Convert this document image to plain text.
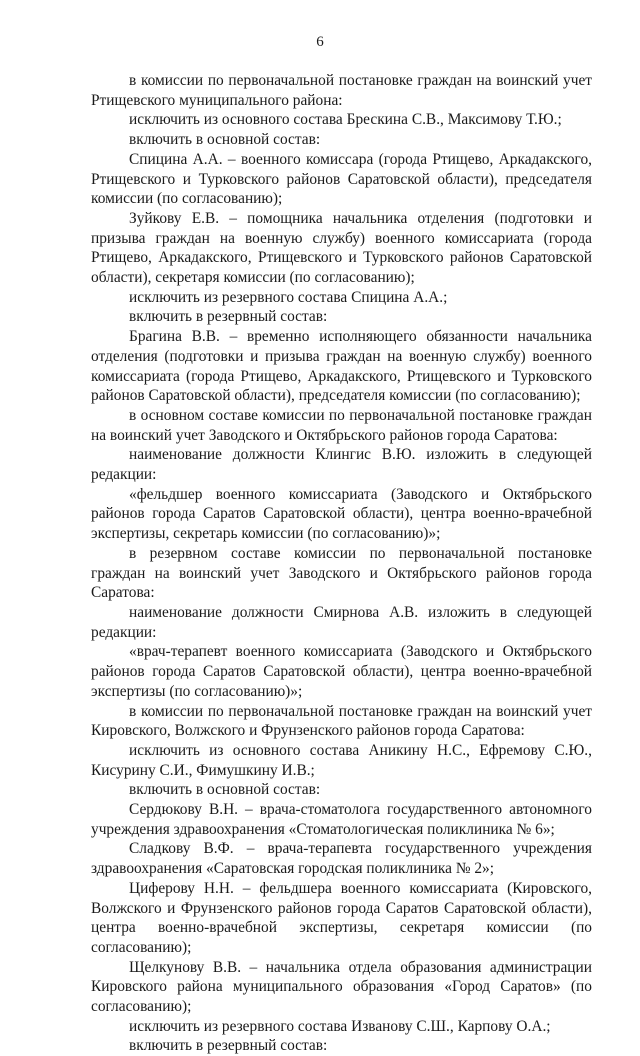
6

в комиссии по первоначальной постановке граждан на воинский учет Ртищевского муниципального района:

исключить из основного состава Брескина С.В., Максимову Т.Ю.;

включить в основной состав:

Спицина А.А. – военного комиссара (города Ртищево, Аркадакского, Ртищевского и Турковского районов Саратовской области), председателя комиссии (по согласованию);

Зуйкову Е.В. – помощника начальника отделения (подготовки и призыва граждан на военную службу) военного комиссариата (города Ртищево, Аркадакского, Ртищевского и Турковского районов Саратовской области), секретаря комиссии (по согласованию);

исключить из резервного состава Спицина А.А.;

включить в резервный состав:

Брагина В.В. – временно исполняющего обязанности начальника отделения (подготовки и призыва граждан на военную службу) военного комиссариата (города Ртищево, Аркадакского, Ртищевского и Турковского районов Саратовской области), председателя комиссии (по согласованию);

в основном составе комиссии по первоначальной постановке граждан на воинский учет Заводского и Октябрьского районов города Саратова:

наименование должности Клингис В.Ю. изложить в следующей редакции:

«фельдшер военного комиссариата (Заводского и Октябрьского районов города Саратов Саратовской области), центра военно-врачебной экспертизы, секретарь комиссии (по согласованию)»;

в резервном составе комиссии по первоначальной постановке граждан на воинский учет Заводского и Октябрьского районов города Саратова:

наименование должности Смирнова А.В. изложить в следующей редакции:

«врач-терапевт военного комиссариата (Заводского и Октябрьского районов города Саратов Саратовской области), центра военно-врачебной экспертизы (по согласованию)»;

в комиссии по первоначальной постановке граждан на воинский учет Кировского, Волжского и Фрунзенского районов города Саратова:

исключить из основного состава Аникину Н.С., Ефремову С.Ю., Кисурину С.И., Фимушкину И.В.;

включить в основной состав:

Сердюкову В.Н. – врача-стоматолога государственного автономного учреждения здравоохранения «Стоматологическая поликлиника № 6»;

Сладкову В.Ф. – врача-терапевта государственного учреждения здравоохранения «Саратовская городская поликлиника № 2»;

Циферову Н.Н. – фельдшера военного комиссариата (Кировского, Волжского и Фрунзенского районов города Саратов Саратовской области), центра военно-врачебной экспертизы, секретаря комиссии (по согласованию);

Щелкунову В.В. – начальника отдела образования администрации Кировского района муниципального образования «Город Саратов» (по согласованию);

исключить из резервного состава Изванову С.Ш., Карпову О.А.;

включить в резервный состав:
